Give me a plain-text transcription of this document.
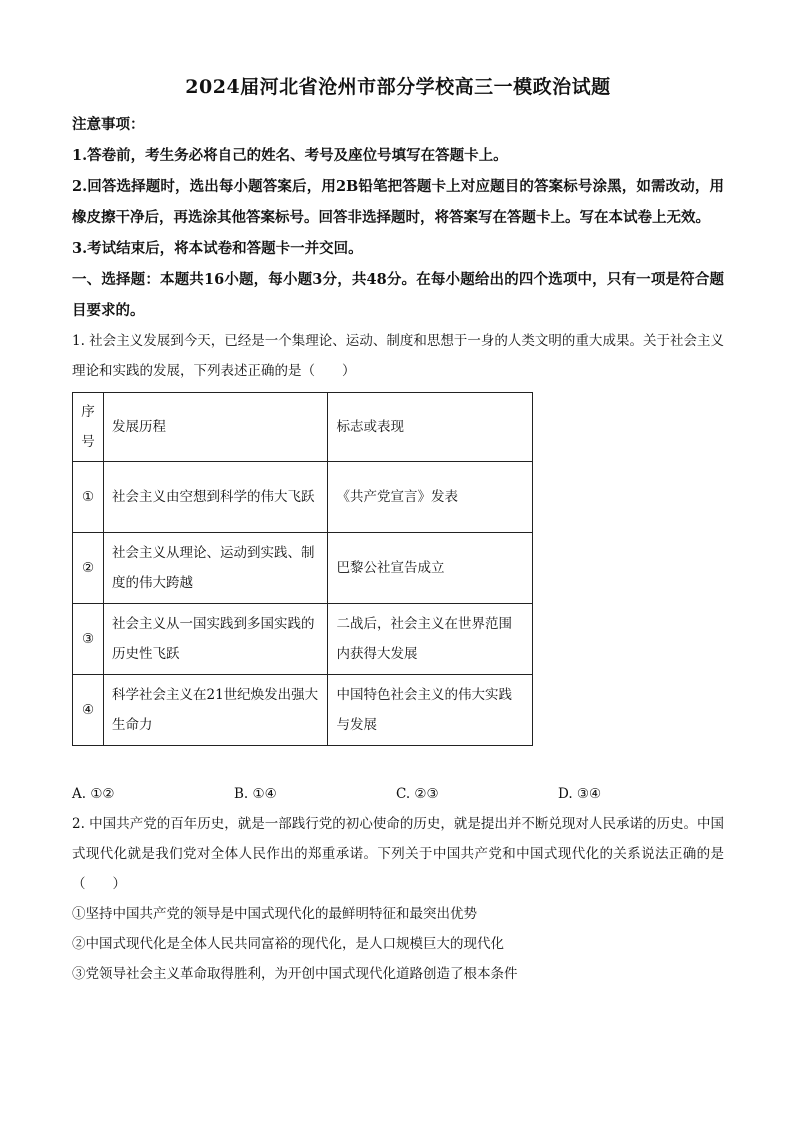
2024届河北省沧州市部分学校高三一模政治试题
注意事项：
1.答卷前，考生务必将自己的姓名、考号及座位号填写在答题卡上。
2.回答选择题时，选出每小题答案后，用2B铅笔把答题卡上对应题目的答案标号涂黑，如需改动，用橡皮擦干净后，再选涂其他答案标号。回答非选择题时，将答案写在答题卡上。写在本试卷上无效。
3.考试结束后，将本试卷和答题卡一并交回。
一、选择题：本题共16小题，每小题3分，共48分。在每小题给出的四个选项中，只有一项是符合题目要求的。
1. 社会主义发展到今天，已经是一个集理论、运动、制度和思想于一身的人类文明的重大成果。关于社会主义理论和实践的发展，下列表述正确的是（　　）
序号	发展历程	标志或表现
①	社会主义由空想到科学的伟大飞跃	《共产党宣言》发表
②	社会主义从理论、运动到实践、制度的伟大跨越	巴黎公社宣告成立
③	社会主义从一国实践到多国实践的历史性飞跃	二战后，社会主义在世界范围内获得大发展
④	科学社会主义在21世纪焕发出强大生命力	中国特色社会主义的伟大实践与发展
A. ①②	B. ①④	C. ②③	D. ③④
2. 中国共产党的百年历史，就是一部践行党的初心使命的历史，就是提出并不断兑现对人民承诺的历史。中国式现代化就是我们党对全体人民作出的郑重承诺。下列关于中国共产党和中国式现代化的关系说法正确的是（　　）
①坚持中国共产党的领导是中国式现代化的最鲜明特征和最突出优势
②中国式现代化是全体人民共同富裕的现代化，是人口规模巨大的现代化
③党领导社会主义革命取得胜利，为开创中国式现代化道路创造了根本条件
